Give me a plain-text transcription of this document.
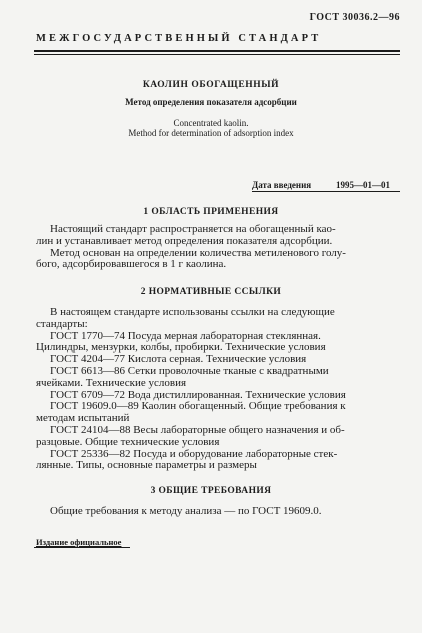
ГОСТ 30036.2—96
МЕЖГОСУДАРСТВЕННЫЙ СТАНДАРТ
КАОЛИН ОБОГАЩЕННЫЙ
Метод определения показателя адсорбции
Concentrated kaolin.
Method for determination of adsorption index
Дата введения	1995—01—01
1 ОБЛАСТЬ ПРИМЕНЕНИЯ
Настоящий стандарт распространяется на обогащенный као-
лин и устанавливает метод определения показателя адсорбции.
Метод основан на определении количества метиленового голу-
бого, адсорбировавшегося в 1 г каолина.
2 НОРМАТИВНЫЕ ССЫЛКИ
В настоящем стандарте использованы ссылки на следующие
стандарты:
ГОСТ 1770—74 Посуда мерная лабораторная стеклянная.
Цилиндры, мензурки, колбы, пробирки. Технические условия
ГОСТ 4204—77 Кислота серная. Технические условия
ГОСТ 6613—86 Сетки проволочные тканые с квадратными
ячейками. Технические условия
ГОСТ 6709—72 Вода дистиллированная. Технические условия
ГОСТ 19609.0—89 Каолин обогащенный. Общие требования к
методам испытаний
ГОСТ 24104—88 Весы лабораторные общего назначения и об-
разцовые. Общие технические условия
ГОСТ 25336—82 Посуда и оборудование лабораторные стек-
лянные. Типы, основные параметры и размеры
3 ОБЩИЕ ТРЕБОВАНИЯ
Общие требования к методу анализа — по ГОСТ 19609.0.
Издание официальное
